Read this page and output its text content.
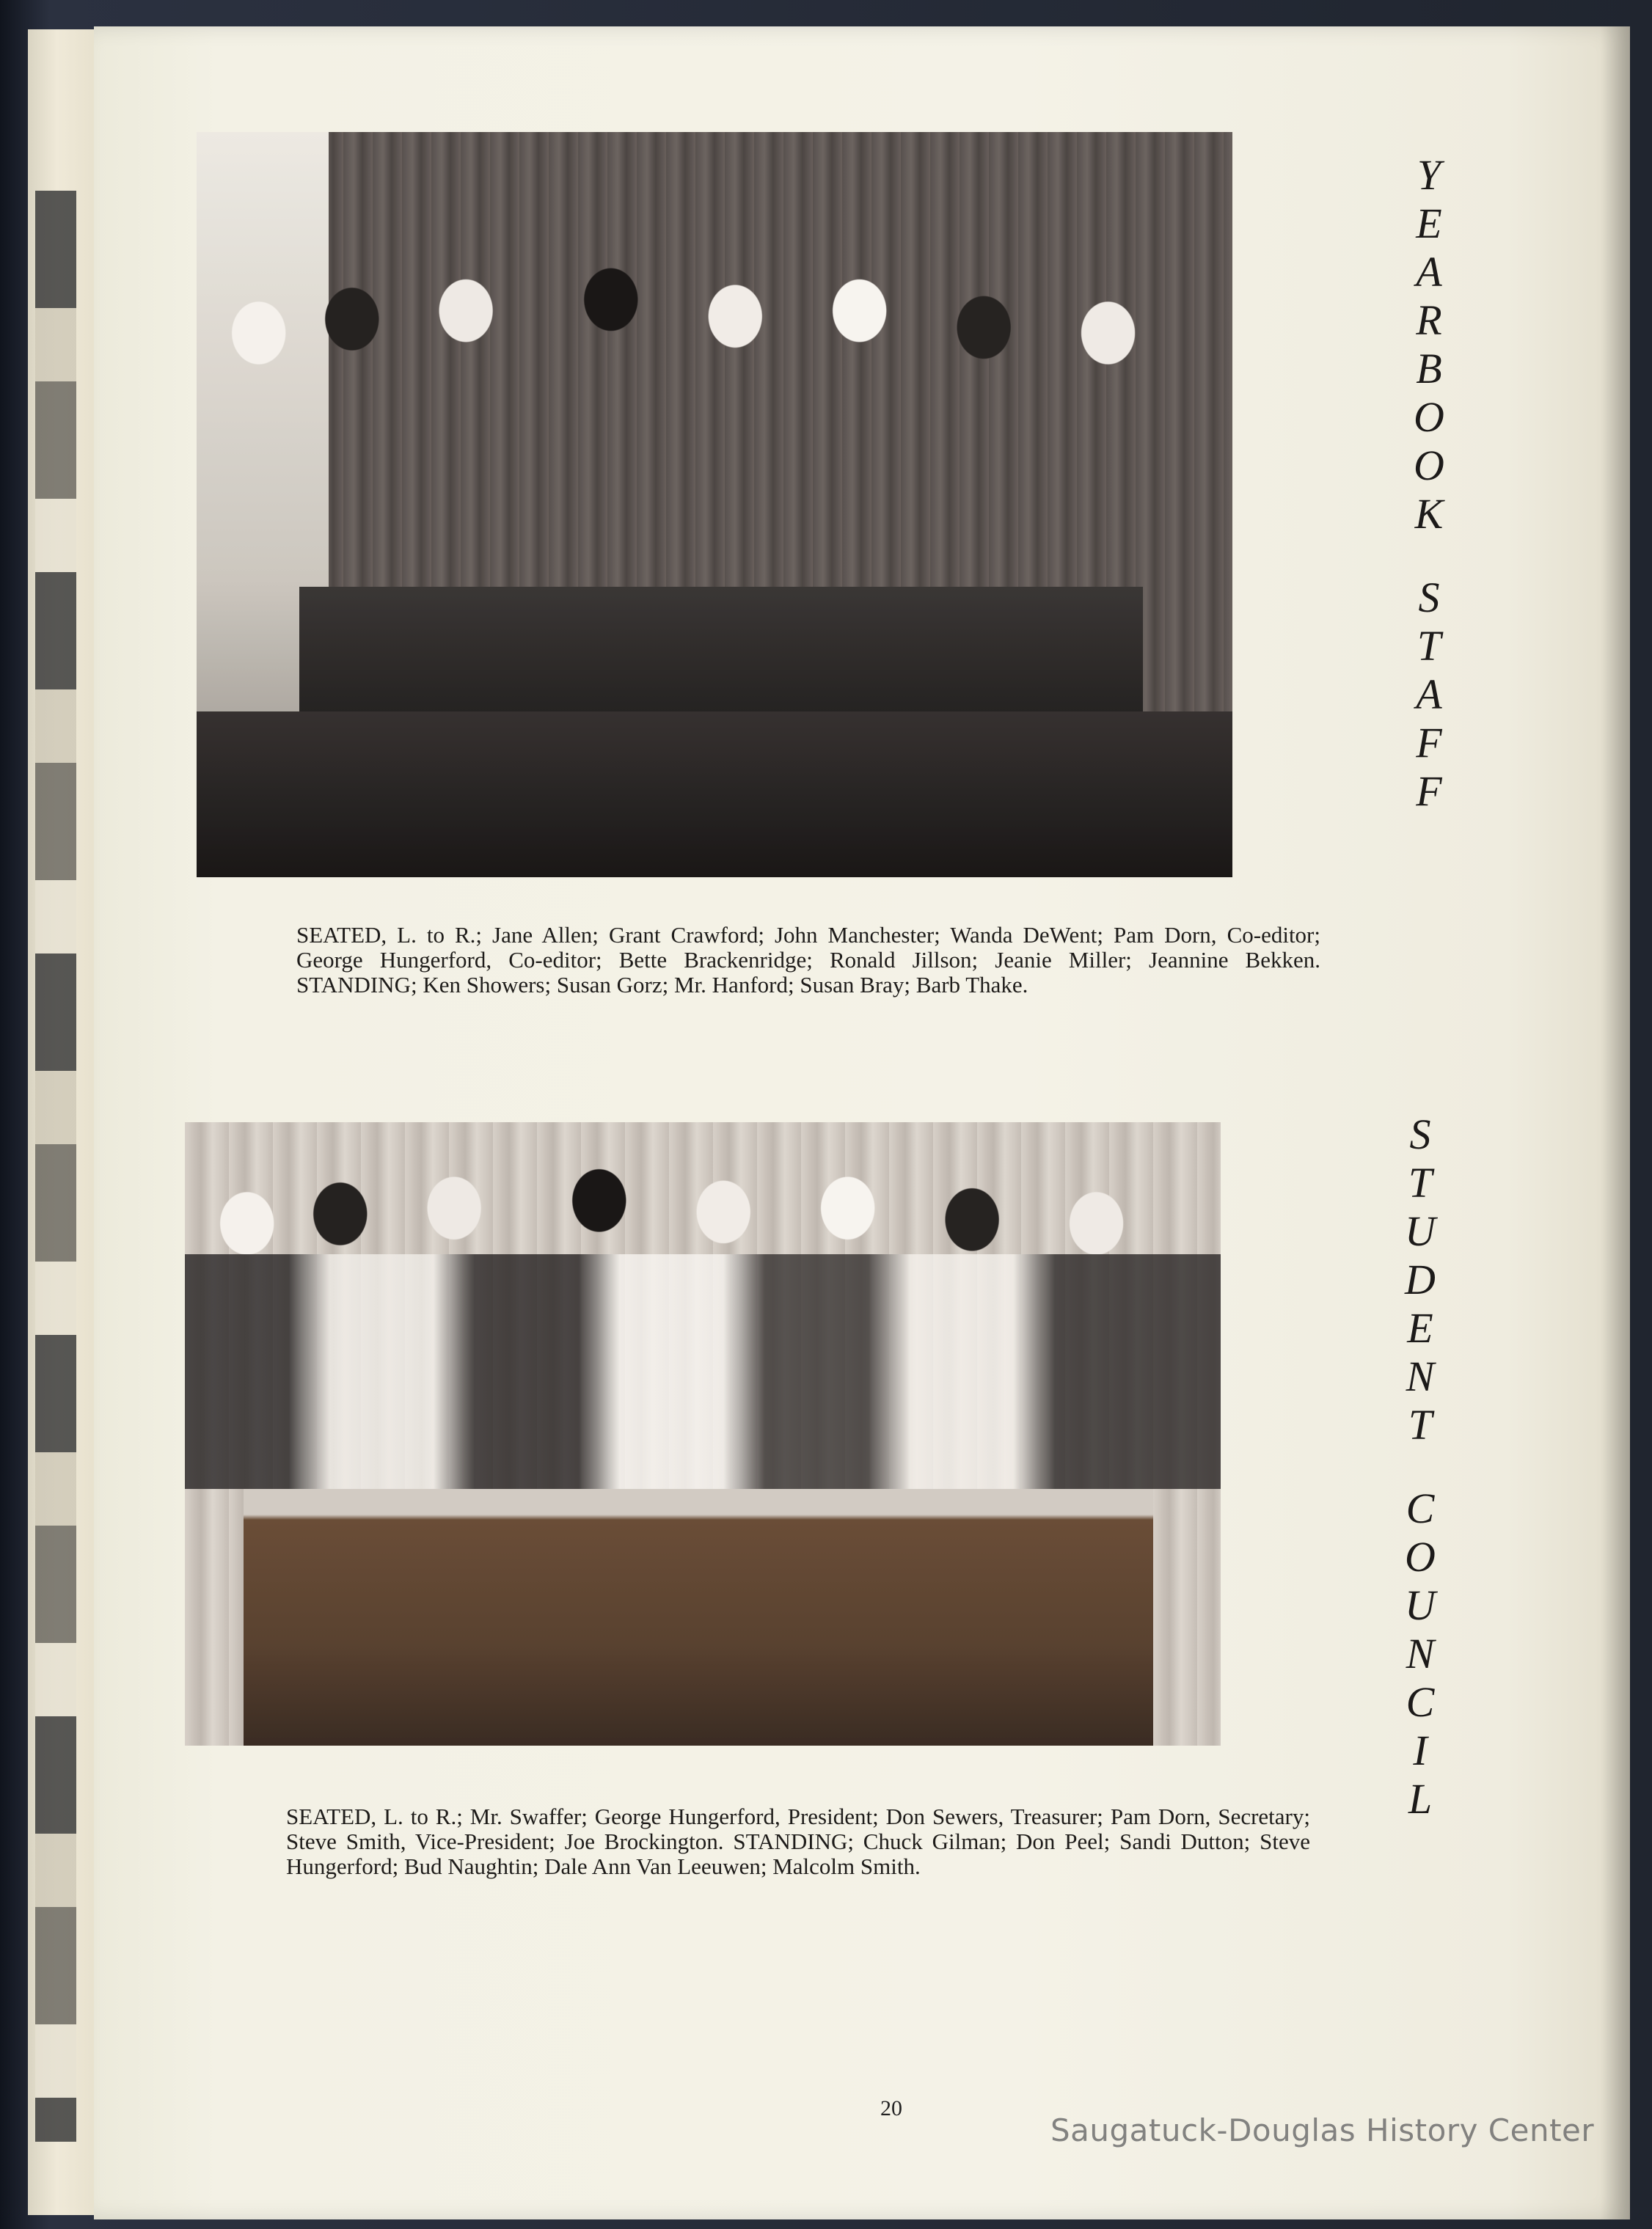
SEATED, L. to R.; Jane Allen; Grant Crawford; John Manchester; Wanda DeWent; Pam Dorn, Co-editor; George Hungerford, Co-editor; Bette Brackenridge; Ronald Jillson; Jeanie Miller; Jeannine Bekken. STANDING; Ken Showers; Susan Gorz; Mr. Hanford; Susan Bray; Barb Thake.

Y
E
A
R
B
O
O
K
S
T
A
F
F

SEATED, L. to R.; Mr. Swaffer; George Hungerford, President; Don Sewers, Treasurer; Pam Dorn, Secretary; Steve Smith, Vice-President; Joe Brockington. STANDING; Chuck Gilman; Don Peel; Sandi Dutton; Steve Hungerford; Bud Naughtin; Dale Ann Van Leeuwen; Malcolm Smith.

S
T
U
D
E
N
T
C
O
U
N
C
I
L
20
Saugatuck-Douglas History Center
